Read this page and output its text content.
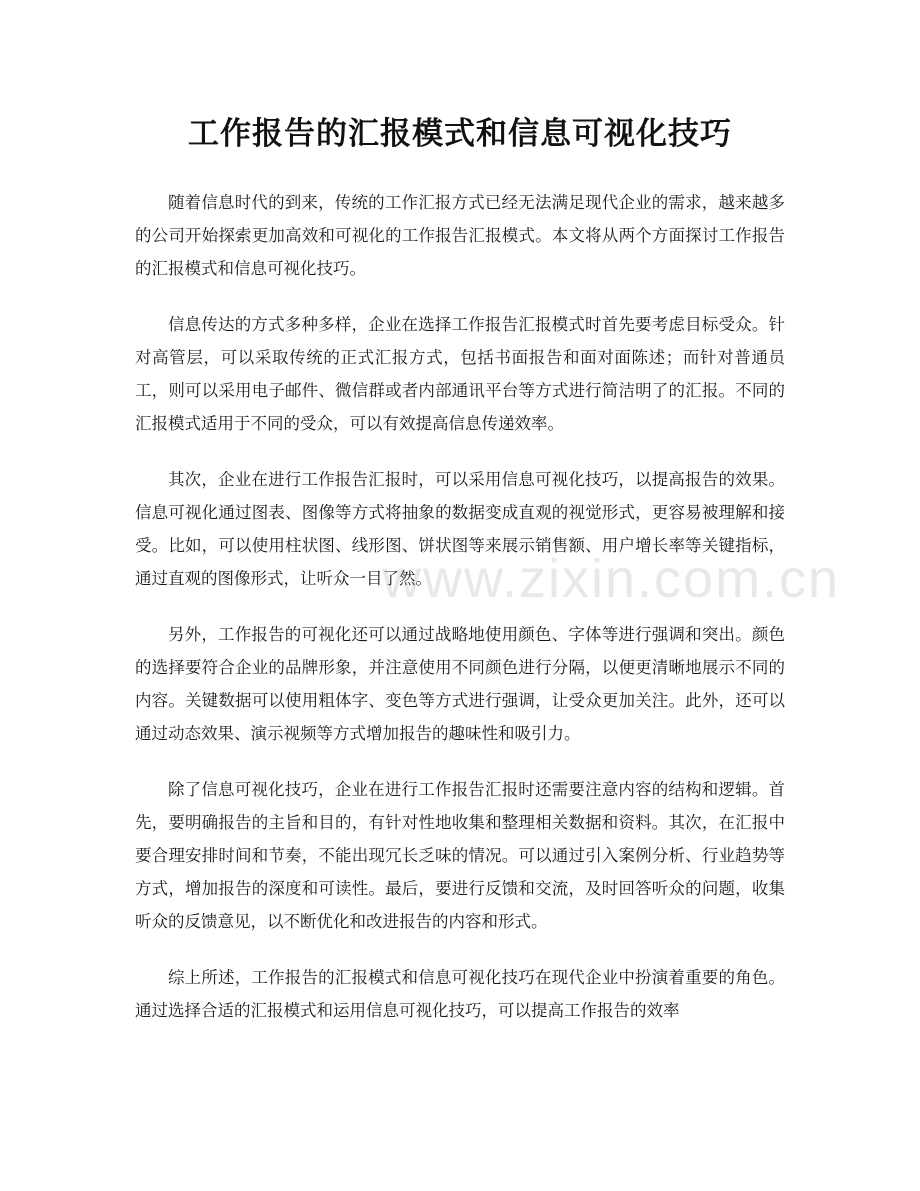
工作报告的汇报模式和信息可视化技巧

随着信息时代的到来，传统的工作汇报方式已经无法满足现代企业的需求，越来越多的公司开始探索更加高效和可视化的工作报告汇报模式。本文将从两个方面探讨工作报告的汇报模式和信息可视化技巧。

信息传达的方式多种多样，企业在选择工作报告汇报模式时首先要考虑目标受众。针对高管层，可以采取传统的正式汇报方式，包括书面报告和面对面陈述；而针对普通员工，则可以采用电子邮件、微信群或者内部通讯平台等方式进行简洁明了的汇报。不同的汇报模式适用于不同的受众，可以有效提高信息传递效率。

其次，企业在进行工作报告汇报时，可以采用信息可视化技巧，以提高报告的效果。信息可视化通过图表、图像等方式将抽象的数据变成直观的视觉形式，更容易被理解和接受。比如，可以使用柱状图、线形图、饼状图等来展示销售额、用户增长率等关键指标，通过直观的图像形式，让听众一目了然。

另外，工作报告的可视化还可以通过战略地使用颜色、字体等进行强调和突出。颜色的选择要符合企业的品牌形象，并注意使用不同颜色进行分隔，以便更清晰地展示不同的内容。关键数据可以使用粗体字、变色等方式进行强调，让受众更加关注。此外，还可以通过动态效果、演示视频等方式增加报告的趣味性和吸引力。

除了信息可视化技巧，企业在进行工作报告汇报时还需要注意内容的结构和逻辑。首先，要明确报告的主旨和目的，有针对性地收集和整理相关数据和资料。其次，在汇报中要合理安排时间和节奏，不能出现冗长乏味的情况。可以通过引入案例分析、行业趋势等方式，增加报告的深度和可读性。最后，要进行反馈和交流，及时回答听众的问题，收集听众的反馈意见，以不断优化和改进报告的内容和形式。

综上所述，工作报告的汇报模式和信息可视化技巧在现代企业中扮演着重要的角色。通过选择合适的汇报模式和运用信息可视化技巧，可以提高工作报告的效率

www.zixin.com.cn
